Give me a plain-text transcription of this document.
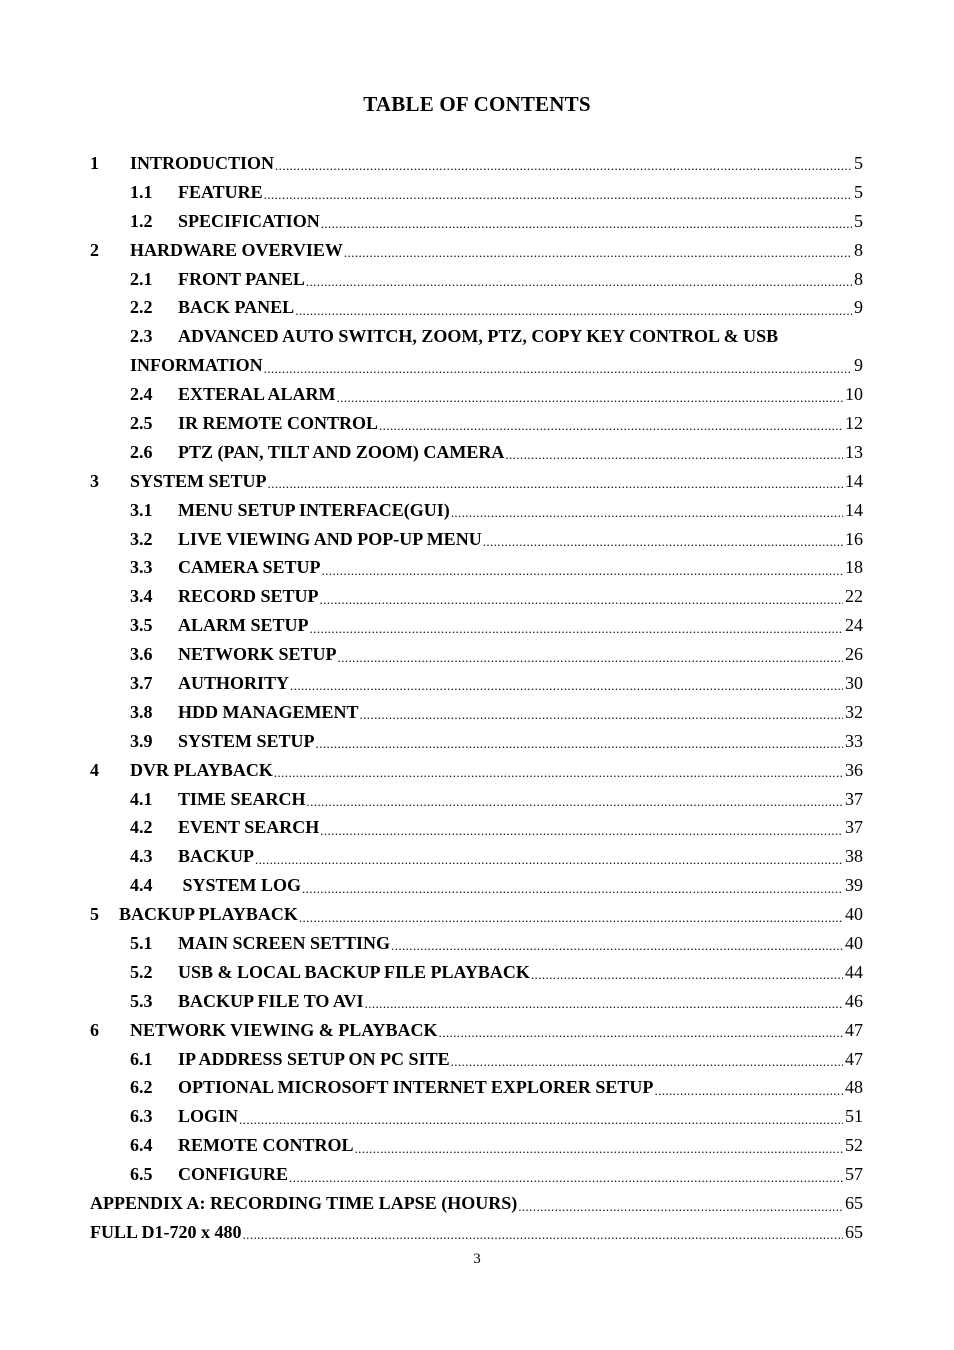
TABLE OF CONTENTS
1	INTRODUCTION .....	5
1.1	FEATURE .....	5
1.2	SPECIFICATION .....	5
2	HARDWARE OVERVIEW .....	8
2.1	FRONT PANEL .....	8
2.2	BACK PANEL .....	9
2.3	ADVANCED AUTO SWITCH, ZOOM, PTZ, COPY KEY CONTROL & USB
INFORMATION .....	9
2.4	EXTERAL ALARM .....	10
2.5	IR REMOTE CONTROL .....	12
2.6	PTZ (PAN, TILT AND ZOOM) CAMERA .....	13
3	SYSTEM SETUP .....	14
3.1	MENU SETUP INTERFACE(GUI) .....	14
3.2	LIVE VIEWING AND POP-UP MENU .....	16
3.3	CAMERA SETUP .....	18
3.4	RECORD SETUP .....	22
3.5	ALARM SETUP .....	24
3.6	NETWORK SETUP .....	26
3.7	AUTHORITY .....	30
3.8	HDD MANAGEMENT .....	32
3.9	SYSTEM SETUP .....	33
4	DVR PLAYBACK .....	36
4.1	TIME SEARCH .....	37
4.2	EVENT SEARCH .....	37
4.3	BACKUP .....	38
4.4	SYSTEM LOG .....	39
5	BACKUP PLAYBACK .....	40
5.1	MAIN SCREEN SETTING .....	40
5.2	USB & LOCAL BACKUP FILE PLAYBACK .....	44
5.3	BACKUP FILE TO AVI .....	46
6	NETWORK VIEWING & PLAYBACK .....	47
6.1	IP ADDRESS SETUP ON PC SITE .....	47
6.2	OPTIONAL MICROSOFT INTERNET EXPLORER SETUP .....	48
6.3	LOGIN .....	51
6.4	REMOTE CONTROL .....	52
6.5	CONFIGURE .....	57
APPENDIX A: RECORDING TIME LAPSE (HOURS) .....	65
FULL D1-720 x 480 .....	65
3
